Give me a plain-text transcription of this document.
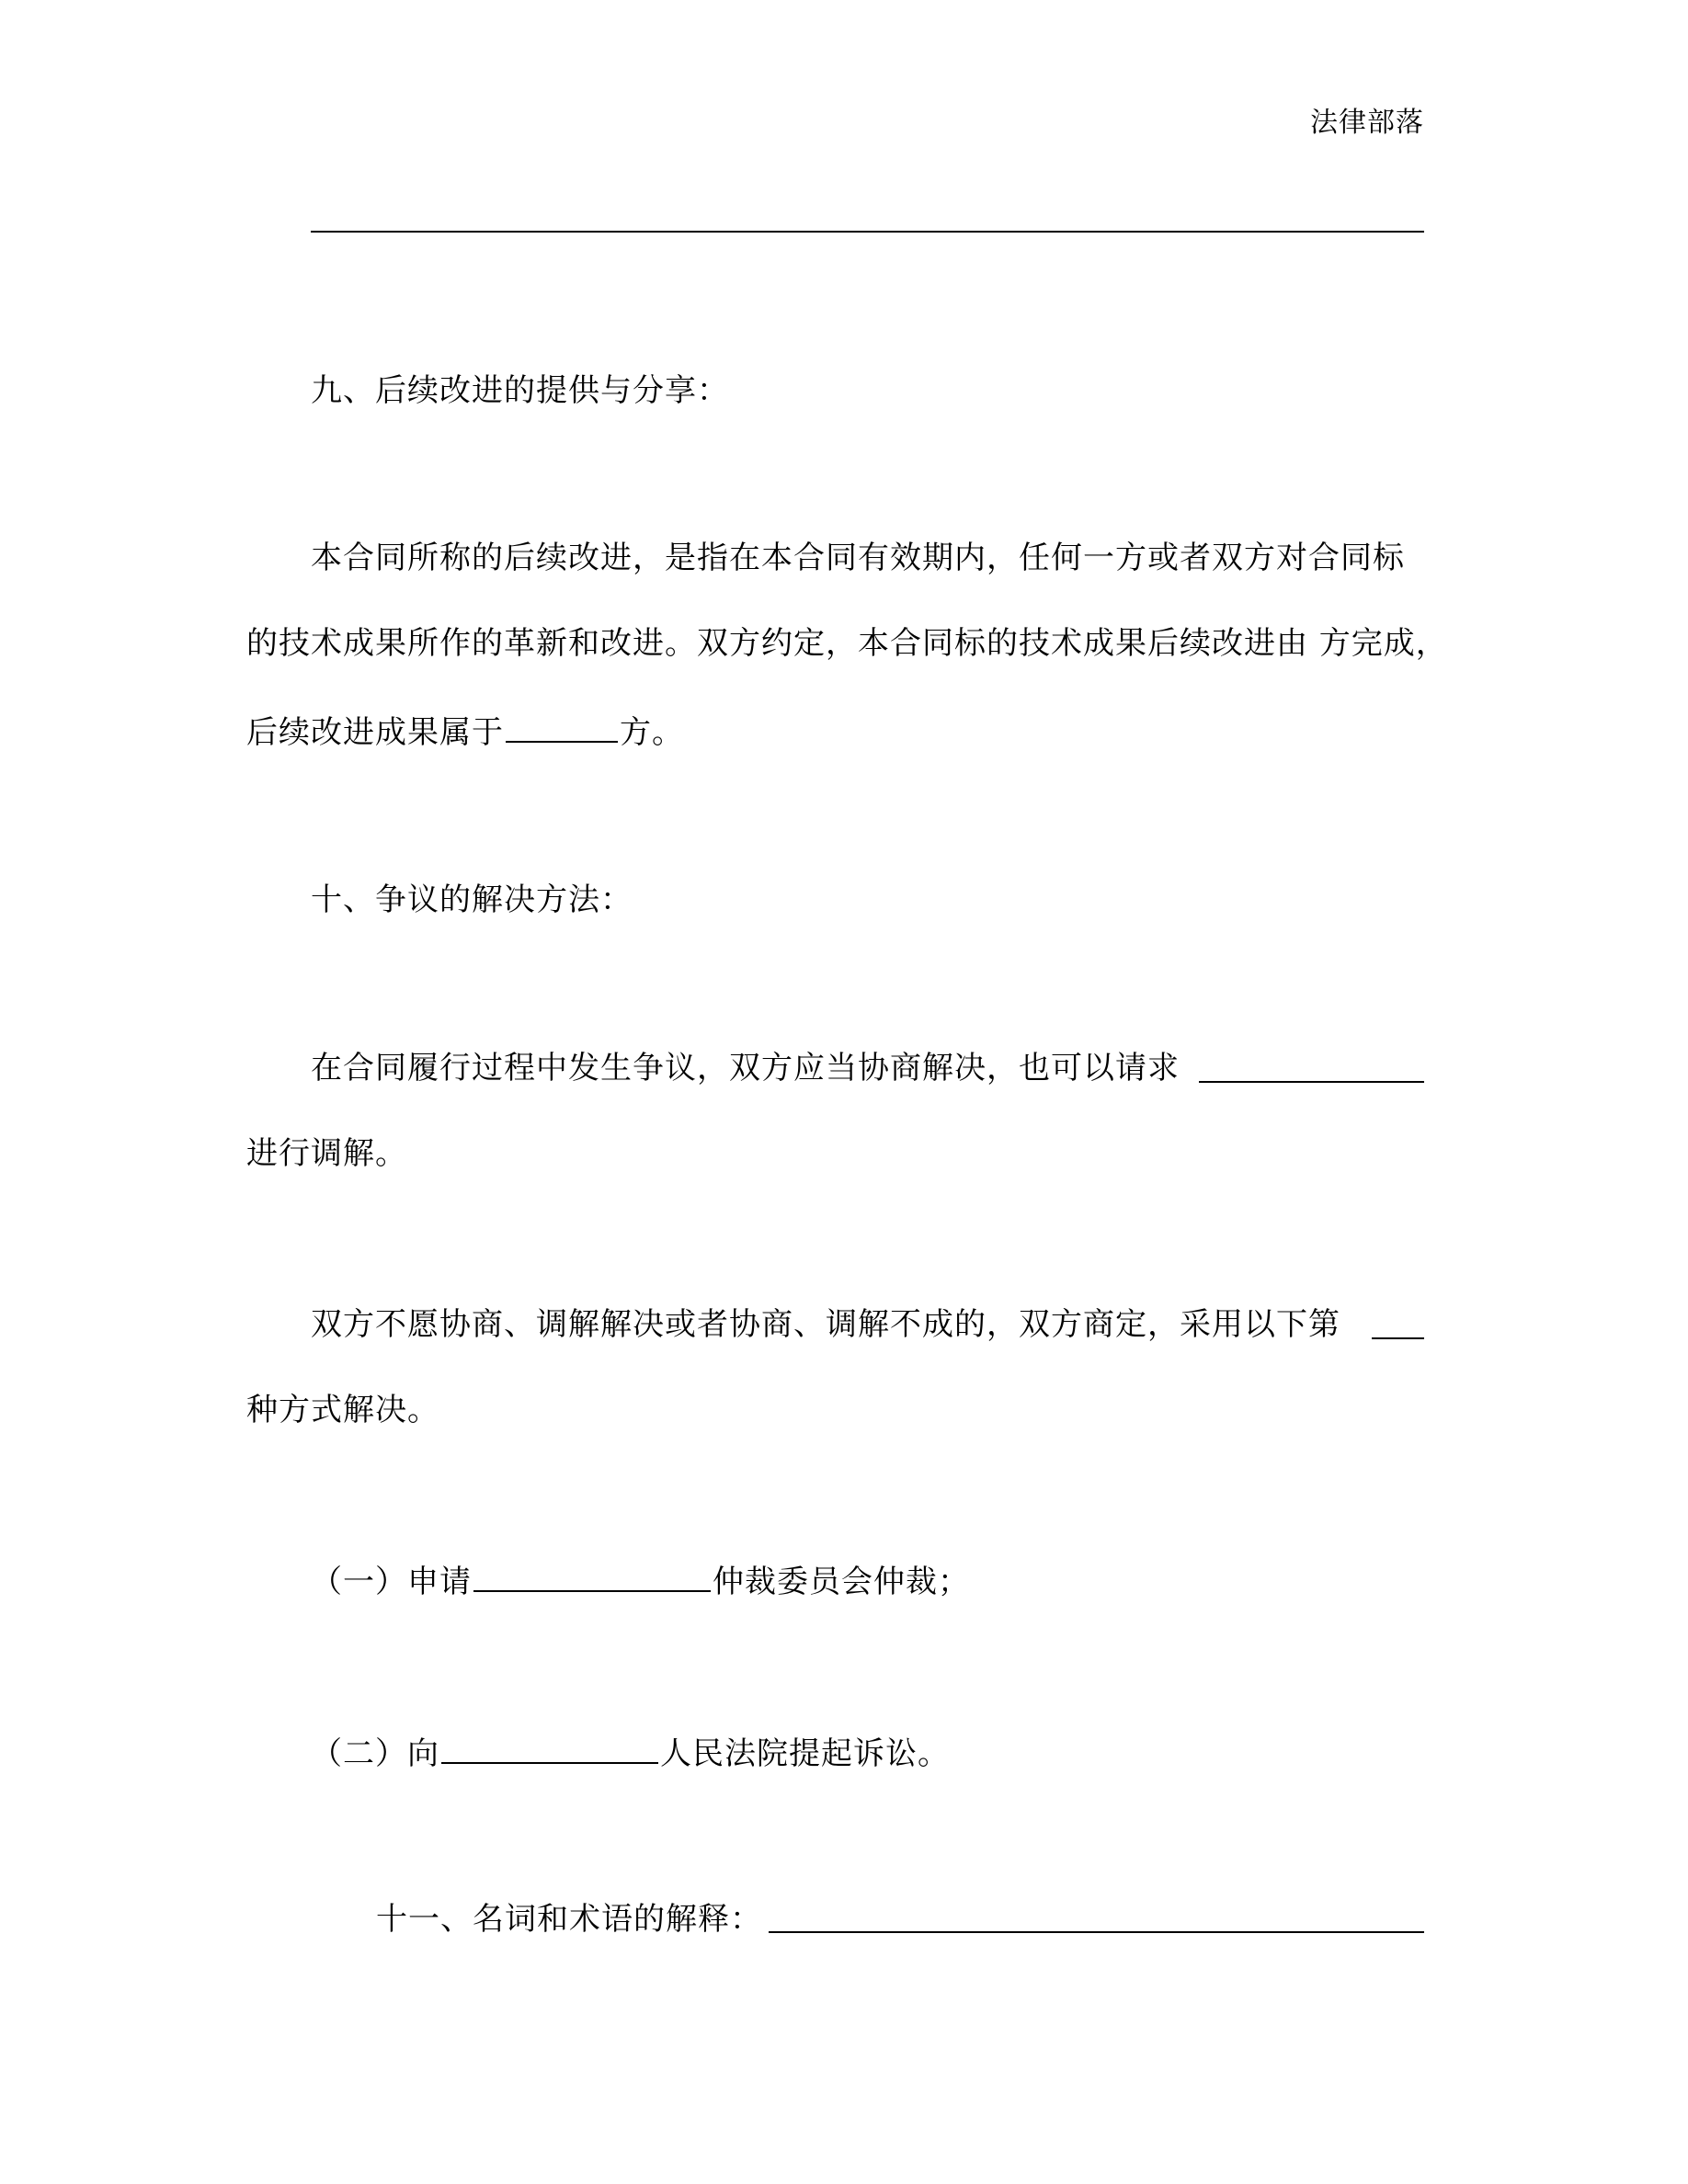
法律部落
九、后续改进的提供与分享：
本合同所称的后续改进，是指在本合同有效期内，任何一方或者双方对合同标
的技术成果所作的革新和改进。双方约定，本合同标的技术成果后续改进由 方完成，
后续改进成果属于	方。
十、争议的解决方法：
在合同履行过程中发生争议，双方应当协商解决，也可以请求
进行调解。
双方不愿协商、调解解决或者协商、调解不成的，双方商定，采用以下第
种方式解决。
（一）申请	仲裁委员会仲裁；
（二）向	人民法院提起诉讼。
十一、名词和术语的解释：
